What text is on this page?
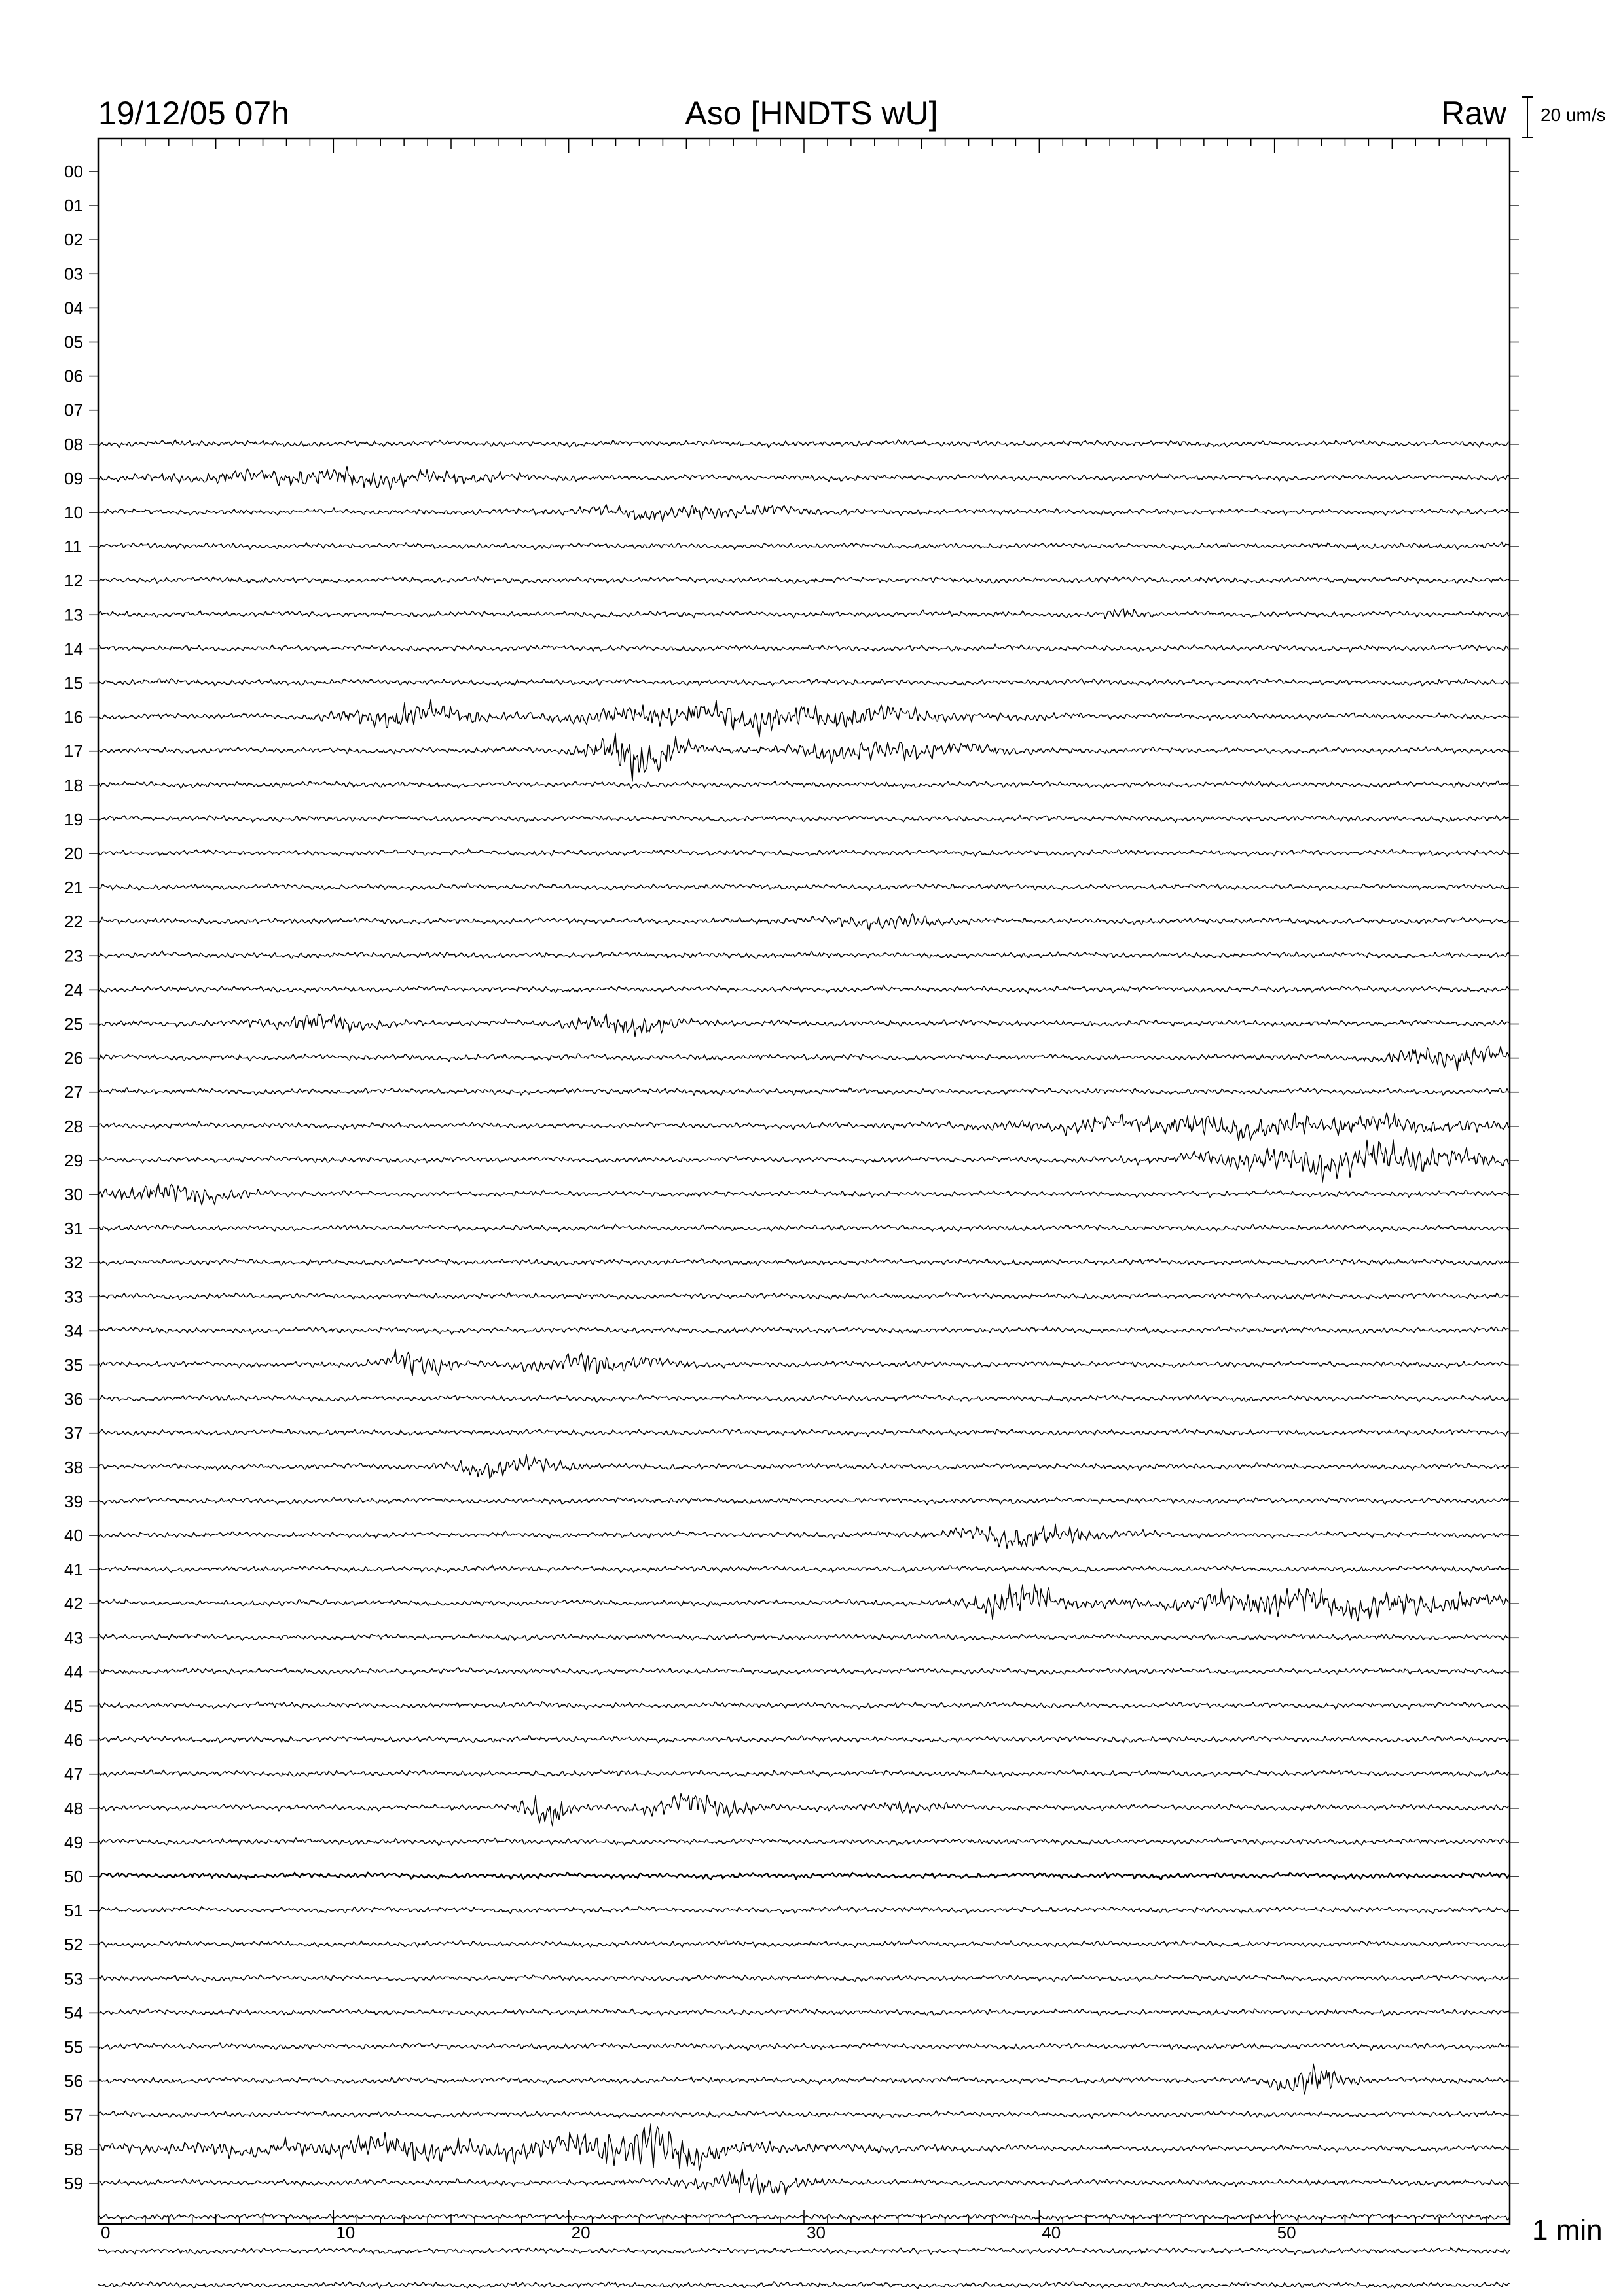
0	10	20	30	40	50
00
01
02
03
04
05
06
07
08
09
10
11
12
13
14
15
16
17
18
19
20
21
22
23
24
25
26
27
28
29
30
31
32
33
34
35
36
37
38
39
40
41
42
43
44
45
46
47
48
49
50
51
52
53
54
55
56
57
58
59
19/12/05 07h	Aso [HNDTS wU]	Raw 20 um/s
1 min
